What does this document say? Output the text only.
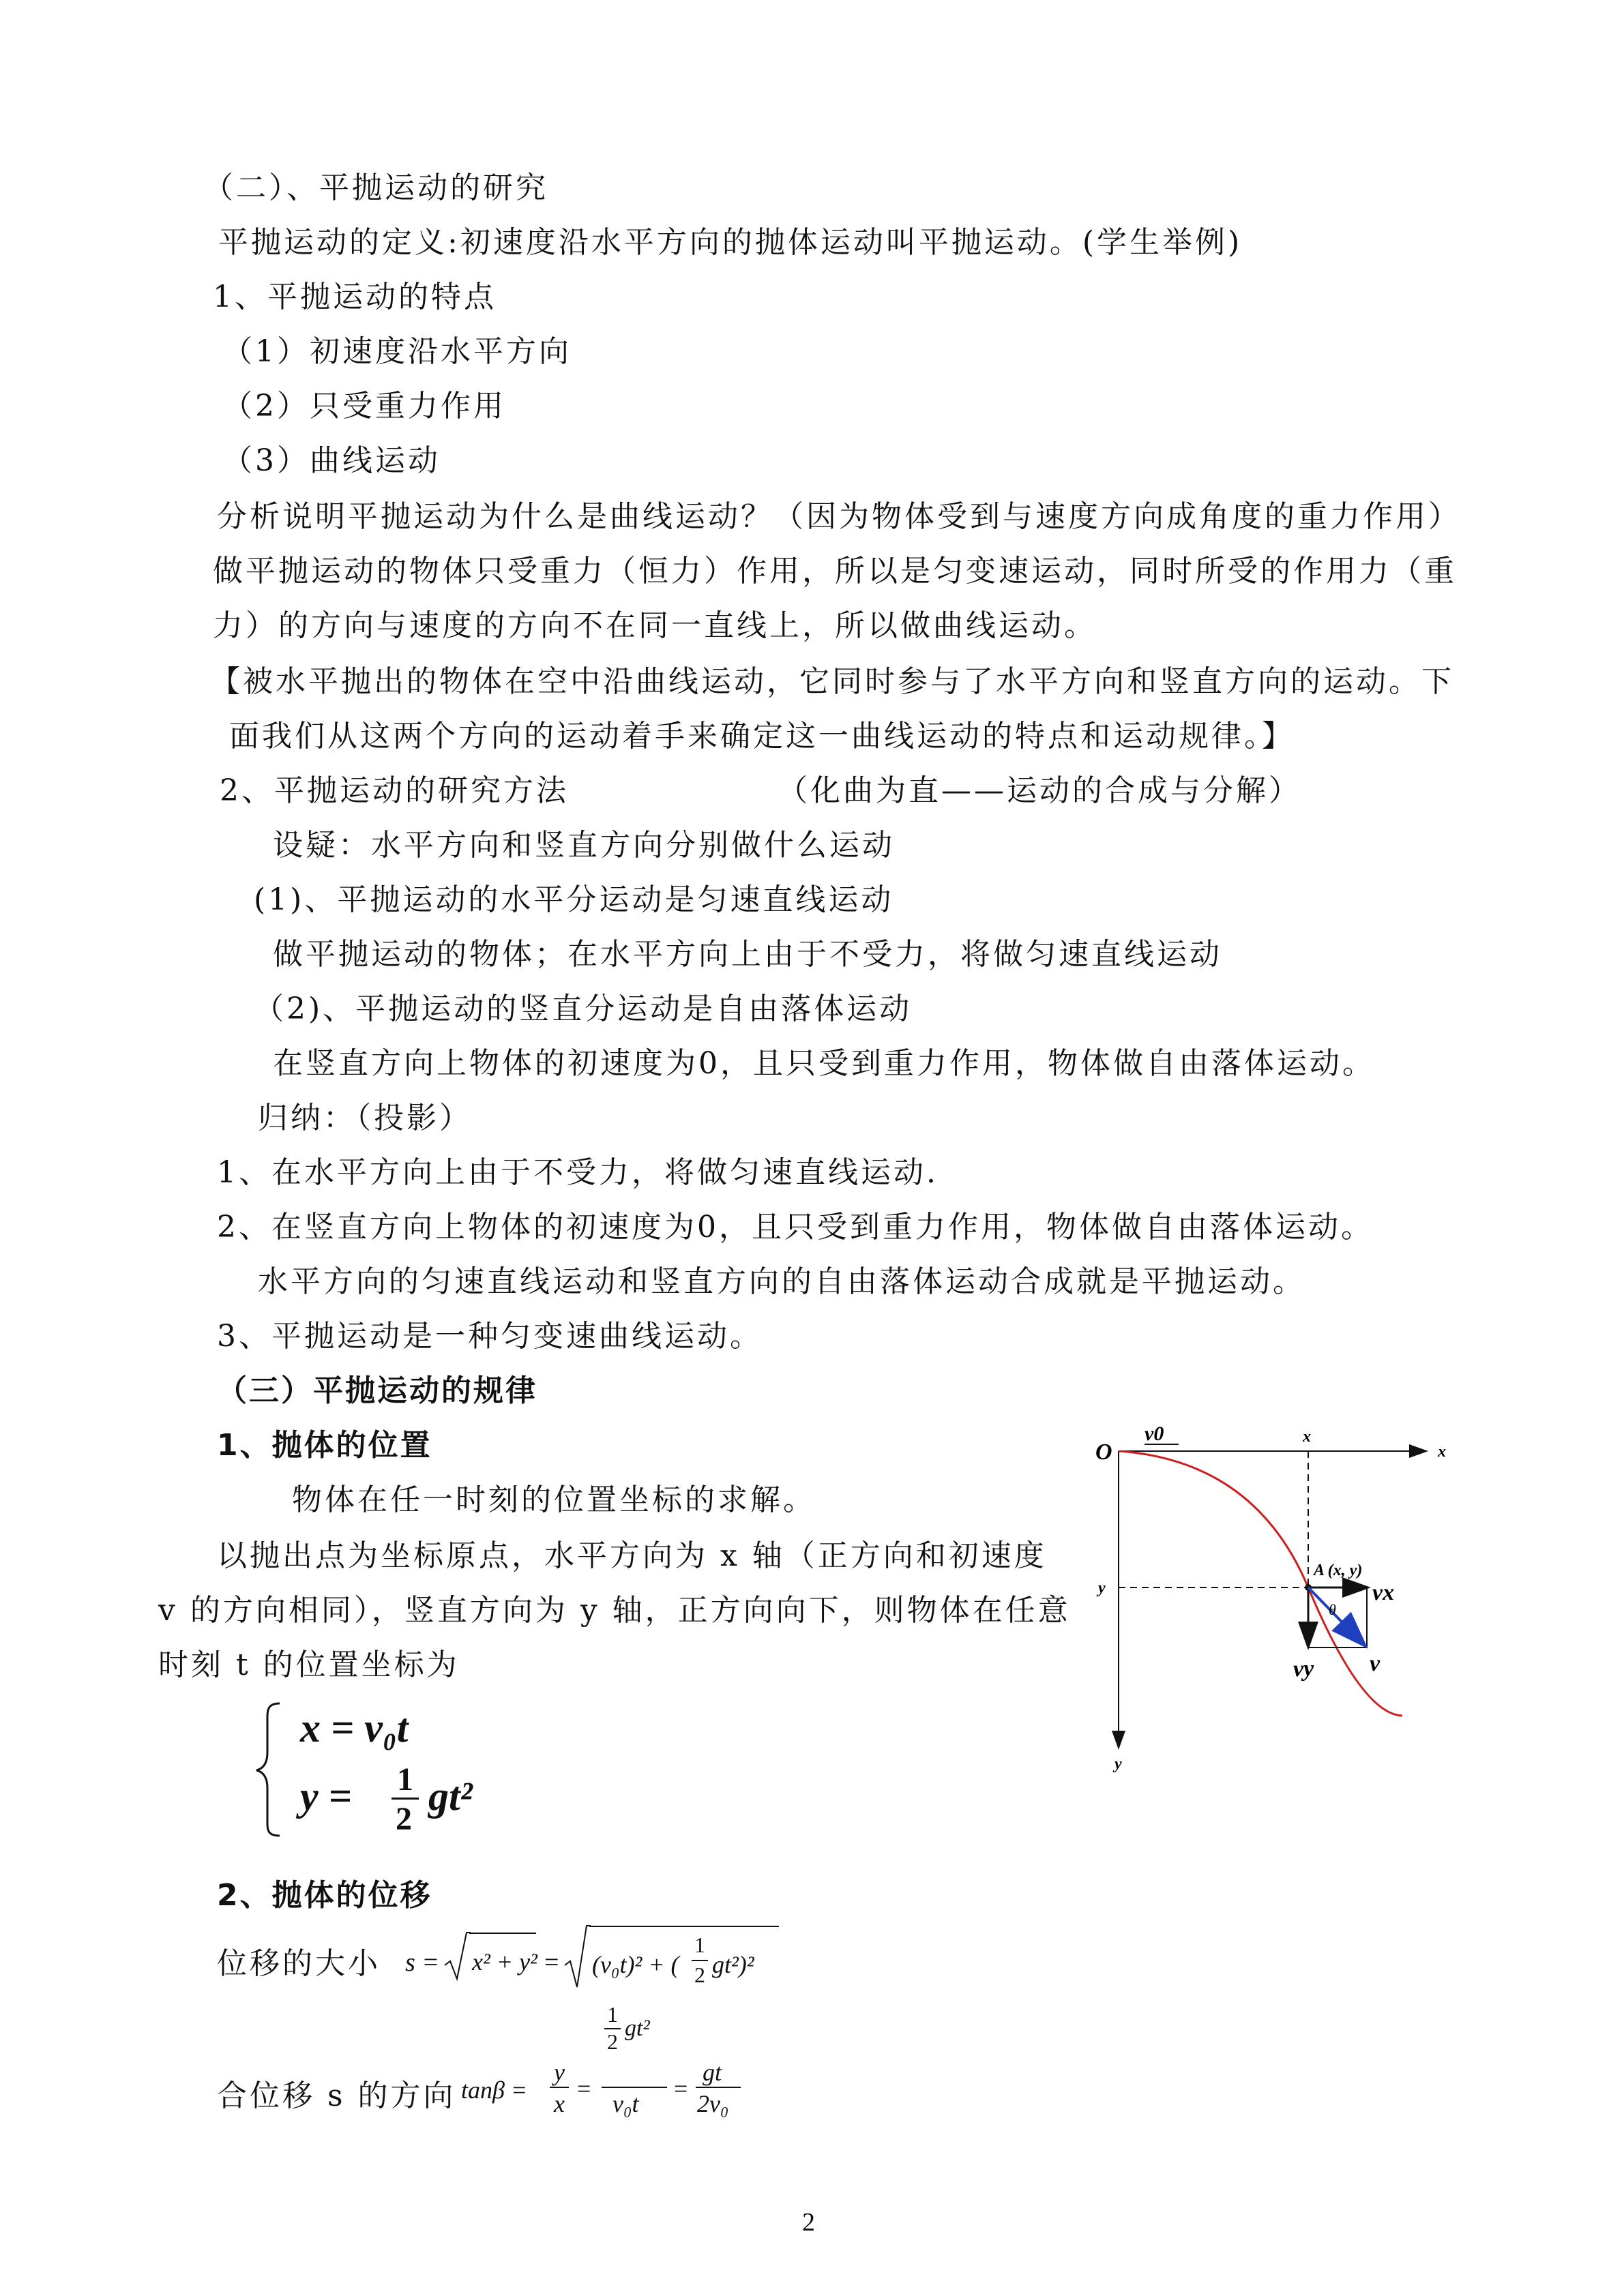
（二）、平抛运动的研究
平抛运动的定义:初速度沿水平方向的抛体运动叫平抛运动。(学生举例)
1、平抛运动的特点
（1）初速度沿水平方向
（2）只受重力作用
（3）曲线运动
分析说明平抛运动为什么是曲线运动？（因为物体受到与速度方向成角度的重力作用）
做平抛运动的物体只受重力（恒力）作用，所以是匀变速运动，同时所受的作用力（重
力）的方向与速度的方向不在同一直线上，所以做曲线运动。
【被水平抛出的物体在空中沿曲线运动，它同时参与了水平方向和竖直方向的运动。下
面我们从这两个方向的运动着手来确定这一曲线运动的特点和运动规律。】
2、平抛运动的研究方法	（化曲为直——运动的合成与分解）
设疑：水平方向和竖直方向分别做什么运动
(1)、平抛运动的水平分运动是匀速直线运动
做平抛运动的物体；在水平方向上由于不受力，将做匀速直线运动
（2)、平抛运动的竖直分运动是自由落体运动
在竖直方向上物体的初速度为0，且只受到重力作用，物体做自由落体运动。
归纳：（投影）
1、在水平方向上由于不受力，将做匀速直线运动.
2、在竖直方向上物体的初速度为0，且只受到重力作用，物体做自由落体运动。
水平方向的匀速直线运动和竖直方向的自由落体运动合成就是平抛运动。
3、平抛运动是一种匀变速曲线运动。
（三）平抛运动的规律
1、抛体的位置
物体在任一时刻的位置坐标的求解。
以抛出点为坐标原点，水平方向为 x 轴（正方向和初速度
v 的方向相同），竖直方向为 y 轴，正方向向下，则物体在任意
时刻 t 的位置坐标为
x = v₀t
y = 1
2
gt²
2、抛体的位移
位移的大小 s = x² + y² = (v₀t)² + (
1
2 gt²)²
合位移 s 的方向 tanβ =
y
x
=
1
2
gt²
v₀t
=
gt
2v₀
O
v0	x
x
y
y
A (x, y)
θ
vx
vy v
2
